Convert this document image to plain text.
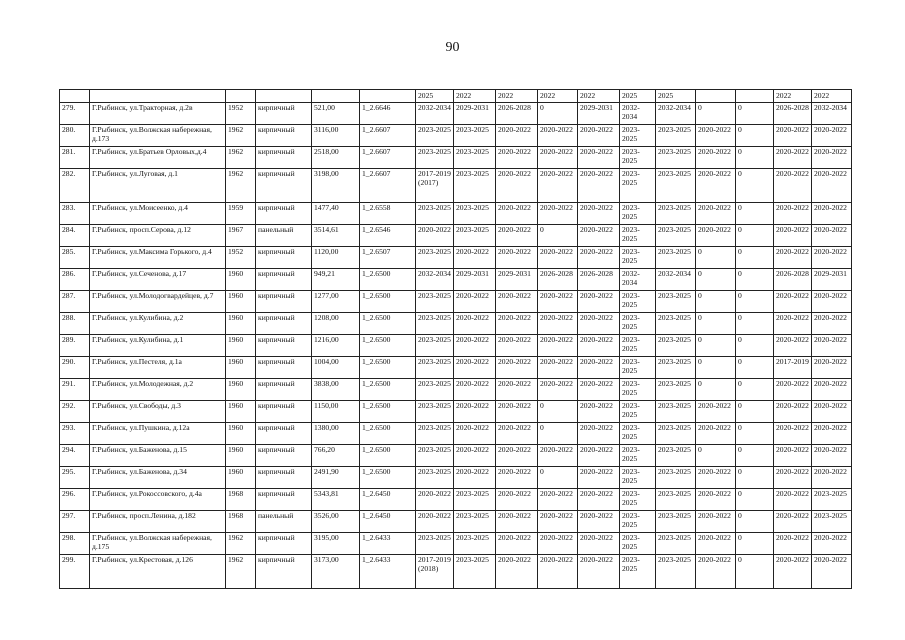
90
						2025	2022	2022	2022	2022	2025	2025			2022	2022
279.	Г.Рыбинск, ул.Тракторная, д.2в	1952	кирпичный	521,00	1_2.6646	2032-2034	2029-2031	2026-2028	0	2029-2031	2032-2034	2032-2034	0	0	2026-2028	2032-2034
280.	Г.Рыбинск, ул.Волжская набережная, д.173	1962	кирпичный	3116,00	1_2.6607	2023-2025	2023-2025	2020-2022	2020-2022	2020-2022	2023-2025	2023-2025	2020-2022	0	2020-2022	2020-2022
281.	Г.Рыбинск, ул.Братьев Орловых,д.4	1962	кирпичный	2518,00	1_2.6607	2023-2025	2023-2025	2020-2022	2020-2022	2020-2022	2023-2025	2023-2025	2020-2022	0	2020-2022	2020-2022
282.	Г.Рыбинск, ул.Луговая, д.1	1962	кирпичный	3198,00	1_2.6607	2017-2019 (2017)	2023-2025	2020-2022	2020-2022	2020-2022	2023-2025	2023-2025	2020-2022	0	2020-2022	2020-2022
283.	Г.Рыбинск, ул.Моисеенко, д.4	1959	кирпичный	1477,40	1_2.6558	2023-2025	2023-2025	2020-2022	2020-2022	2020-2022	2023-2025	2023-2025	2020-2022	0	2020-2022	2020-2022
284.	Г.Рыбинск, просп.Серова, д.12	1967	панельный	3514,61	1_2.6546	2020-2022	2023-2025	2020-2022	0	2020-2022	2023-2025	2023-2025	2020-2022	0	2020-2022	2020-2022
285.	Г.Рыбинск, ул.Максима Горького, д.4	1952	кирпичный	1120,00	1_2.6507	2023-2025	2020-2022	2020-2022	2020-2022	2020-2022	2023-2025	2023-2025	0	0	2020-2022	2020-2022
286.	Г.Рыбинск, ул.Сеченова, д.17	1960	кирпичный	949,21	1_2.6500	2032-2034	2029-2031	2029-2031	2026-2028	2026-2028	2032-2034	2032-2034	0	0	2026-2028	2029-2031
287.	Г.Рыбинск, ул.Молодогвардейцев, д.7	1960	кирпичный	1277,00	1_2.6500	2023-2025	2020-2022	2020-2022	2020-2022	2020-2022	2023-2025	2023-2025	0	0	2020-2022	2020-2022
288.	Г.Рыбинск, ул.Кулибина, д.2	1960	кирпичный	1208,00	1_2.6500	2023-2025	2020-2022	2020-2022	2020-2022	2020-2022	2023-2025	2023-2025	0	0	2020-2022	2020-2022
289.	Г.Рыбинск, ул.Кулибина, д.1	1960	кирпичный	1216,00	1_2.6500	2023-2025	2020-2022	2020-2022	2020-2022	2020-2022	2023-2025	2023-2025	0	0	2020-2022	2020-2022
290.	Г.Рыбинск, ул.Пестеля, д.1а	1960	кирпичный	1004,00	1_2.6500	2023-2025	2020-2022	2020-2022	2020-2022	2020-2022	2023-2025	2023-2025	0	0	2017-2019	2020-2022
291.	Г.Рыбинск, ул.Молодежная, д.2	1960	кирпичный	3838,00	1_2.6500	2023-2025	2020-2022	2020-2022	2020-2022	2020-2022	2023-2025	2023-2025	0	0	2020-2022	2020-2022
292.	Г.Рыбинск, ул.Свободы, д.3	1960	кирпичный	1150,00	1_2.6500	2023-2025	2020-2022	2020-2022	0	2020-2022	2023-2025	2023-2025	2020-2022	0	2020-2022	2020-2022
293.	Г.Рыбинск, ул.Пушкина, д.12а	1960	кирпичный	1380,00	1_2.6500	2023-2025	2020-2022	2020-2022	0	2020-2022	2023-2025	2023-2025	2020-2022	0	2020-2022	2020-2022
294.	Г.Рыбинск, ул.Баженова, д.15	1960	кирпичный	766,20	1_2.6500	2023-2025	2020-2022	2020-2022	2020-2022	2020-2022	2023-2025	2023-2025	0	0	2020-2022	2020-2022
295.	Г.Рыбинск, ул.Баженова, д.34	1960	кирпичный	2491,90	1_2.6500	2023-2025	2020-2022	2020-2022	0	2020-2022	2023-2025	2023-2025	2020-2022	0	2020-2022	2020-2022
296.	Г.Рыбинск, ул.Рокоссовского, д.4а	1968	кирпичный	5343,81	1_2.6450	2020-2022	2023-2025	2020-2022	2020-2022	2020-2022	2023-2025	2023-2025	2020-2022	0	2020-2022	2023-2025
297.	Г.Рыбинск, просп.Ленина, д.182	1968	панельный	3526,00	1_2.6450	2020-2022	2023-2025	2020-2022	2020-2022	2020-2022	2023-2025	2023-2025	2020-2022	0	2020-2022	2023-2025
298.	Г.Рыбинск, ул.Волжская набережная, д.175	1962	кирпичный	3195,00	1_2.6433	2023-2025	2023-2025	2020-2022	2020-2022	2020-2022	2023-2025	2023-2025	2020-2022	0	2020-2022	2020-2022
299.	Г.Рыбинск, ул.Крестовая, д.126	1962	кирпичный	3173,00	1_2.6433	2017-2019 (2018)	2023-2025	2020-2022	2020-2022	2020-2022	2023-2025	2023-2025	2020-2022	0	2020-2022	2020-2022
